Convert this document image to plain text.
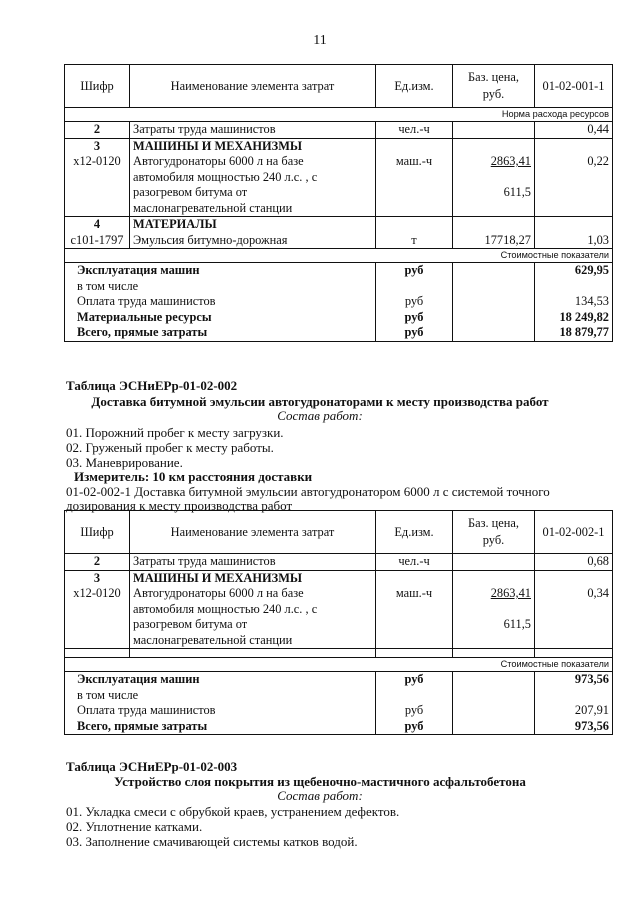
11
Шифр	Наименование элемента затрат	Ед.изм.	Баз. цена, руб.	01-02-001-1
Норма расхода ресурсов				
2	Затраты труда машинистов	чел.-ч		0,44
3	МАШИНЫ И МЕХАНИЗМЫ			
х12-0120	Автогудронаторы 6000 л на базе	маш.-ч	2863,41	0,22
	автомобиля мощностью 240 л.с. , с			
	разогревом битума от		611,5	
	маслонагревательной станции			
4	МАТЕРИАЛЫ			
с101-1797	Эмульсия битумно-дорожная	т	17718,27	1,03
Стоимостные показатели				
Эксплуатация машин		руб		629,95
в том числе				
Оплата труда машинистов		руб		134,53
Материальные ресурсы		руб		18 249,82
Всего, прямые затраты		руб		18 879,77
Таблица ЭСНиЕРр-01-02-002
Доставка битумной эмульсии автогудронаторами к месту производства работ
Состав работ:
01. Порожний пробег к месту загрузки.
02. Груженый пробег к месту работы.
03. Маневрирование.
Измеритель: 10 км расстояния доставки
01-02-002-1 Доставка битумной эмульсии автогудронатором 6000 л с системой точного
дозирования к месту производства работ
Шифр	Наименование элемента затрат	Ед.изм.	Баз. цена, руб.	01-02-002-1
2	Затраты труда машинистов	чел.-ч		0,68
3	МАШИНЫ И МЕХАНИЗМЫ			
х12-0120	Автогудронаторы 6000 л на базе	маш.-ч	2863,41	0,34
	автомобиля мощностью 240 л.с. , с			
	разогревом битума от		611,5	
	маслонагревательной станции			

Стоимостные показатели				
Эксплуатация машин		руб		973,56
в том числе				
Оплата труда машинистов		руб		207,91
Всего, прямые затраты		руб		973,56
Таблица ЭСНиЕРр-01-02-003
Устройство слоя покрытия из щебеночно-мастичного асфальтобетона
Состав работ:
01. Укладка смеси с обрубкой краев, устранением дефектов.
02. Уплотнение катками.
03. Заполнение смачивающей системы катков водой.
